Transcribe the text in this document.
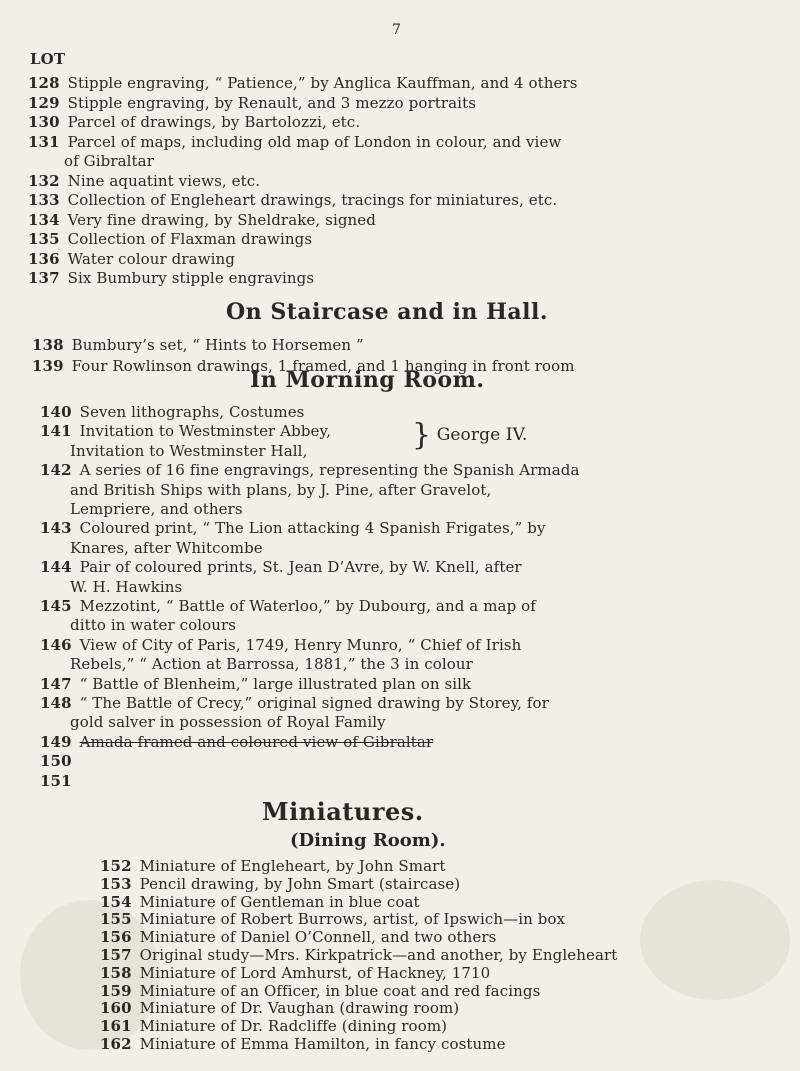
7
LOT
128 Stipple engraving, “ Patience,” by Anglica Kauffman, and 4 others
129 Stipple engraving, by Renault, and 3 mezzo portraits
130 Parcel of drawings, by Bartolozzi, etc.
131 Parcel of maps, including old map of London in colour, and view
of Gibraltar
132 Nine aquatint views, etc.
133 Collection of Engleheart drawings, tracings for miniatures, etc.
134 Very fine drawing, by Sheldrake, signed
135 Collection of Flaxman drawings
136 Water colour drawing
137 Six Bumbury stipple engravings
On Staircase and in Hall.
138 Bumbury’s set, “ Hints to Horsemen ”
139 Four Rowlinson drawings, 1 framed, and 1 hanging in front room
In Morning Room.
140 Seven lithographs, Costumes
141 Invitation to Westminster Abbey,
Invitation to Westminster Hall,
142 A series of 16 fine engravings, representing the Spanish Armada
and British Ships with plans, by J. Pine, after Gravelot,
Lempriere, and others
143 Coloured print, “ The Lion attacking 4 Spanish Frigates,” by
Knares, after Whitcombe
144 Pair of coloured prints, St. Jean D’Avre, by W. Knell, after
W. H. Hawkins
145 Mezzotint, “ Battle of Waterloo,” by Dubourg, and a map of
ditto in water colours
146 View of City of Paris, 1749, Henry Munro, “ Chief of Irish
Rebels,” “ Action at Barrossa, 1881,” the 3 in colour
147 “ Battle of Blenheim,” large illustrated plan on silk
148 “ The Battle of Crecy,” original signed drawing by Storey, for
gold salver in possession of Royal Family
149 Amada framed and coloured view of Gibraltar
150
151
} George IV.
Miniatures.
(Dining Room).
152 Miniature of Engleheart, by John Smart
153 Pencil drawing, by John Smart (staircase)
154 Miniature of Gentleman in blue coat
155 Miniature of Robert Burrows, artist, of Ipswich—in box
156 Miniature of Daniel O’Connell, and two others
157 Original study—Mrs. Kirkpatrick—and another, by Engleheart
158 Miniature of Lord Amhurst, of Hackney, 1710
159 Miniature of an Officer, in blue coat and red facings
160 Miniature of Dr. Vaughan (drawing room)
161 Miniature of Dr. Radcliffe (dining room)
162 Miniature of Emma Hamilton, in fancy costume
